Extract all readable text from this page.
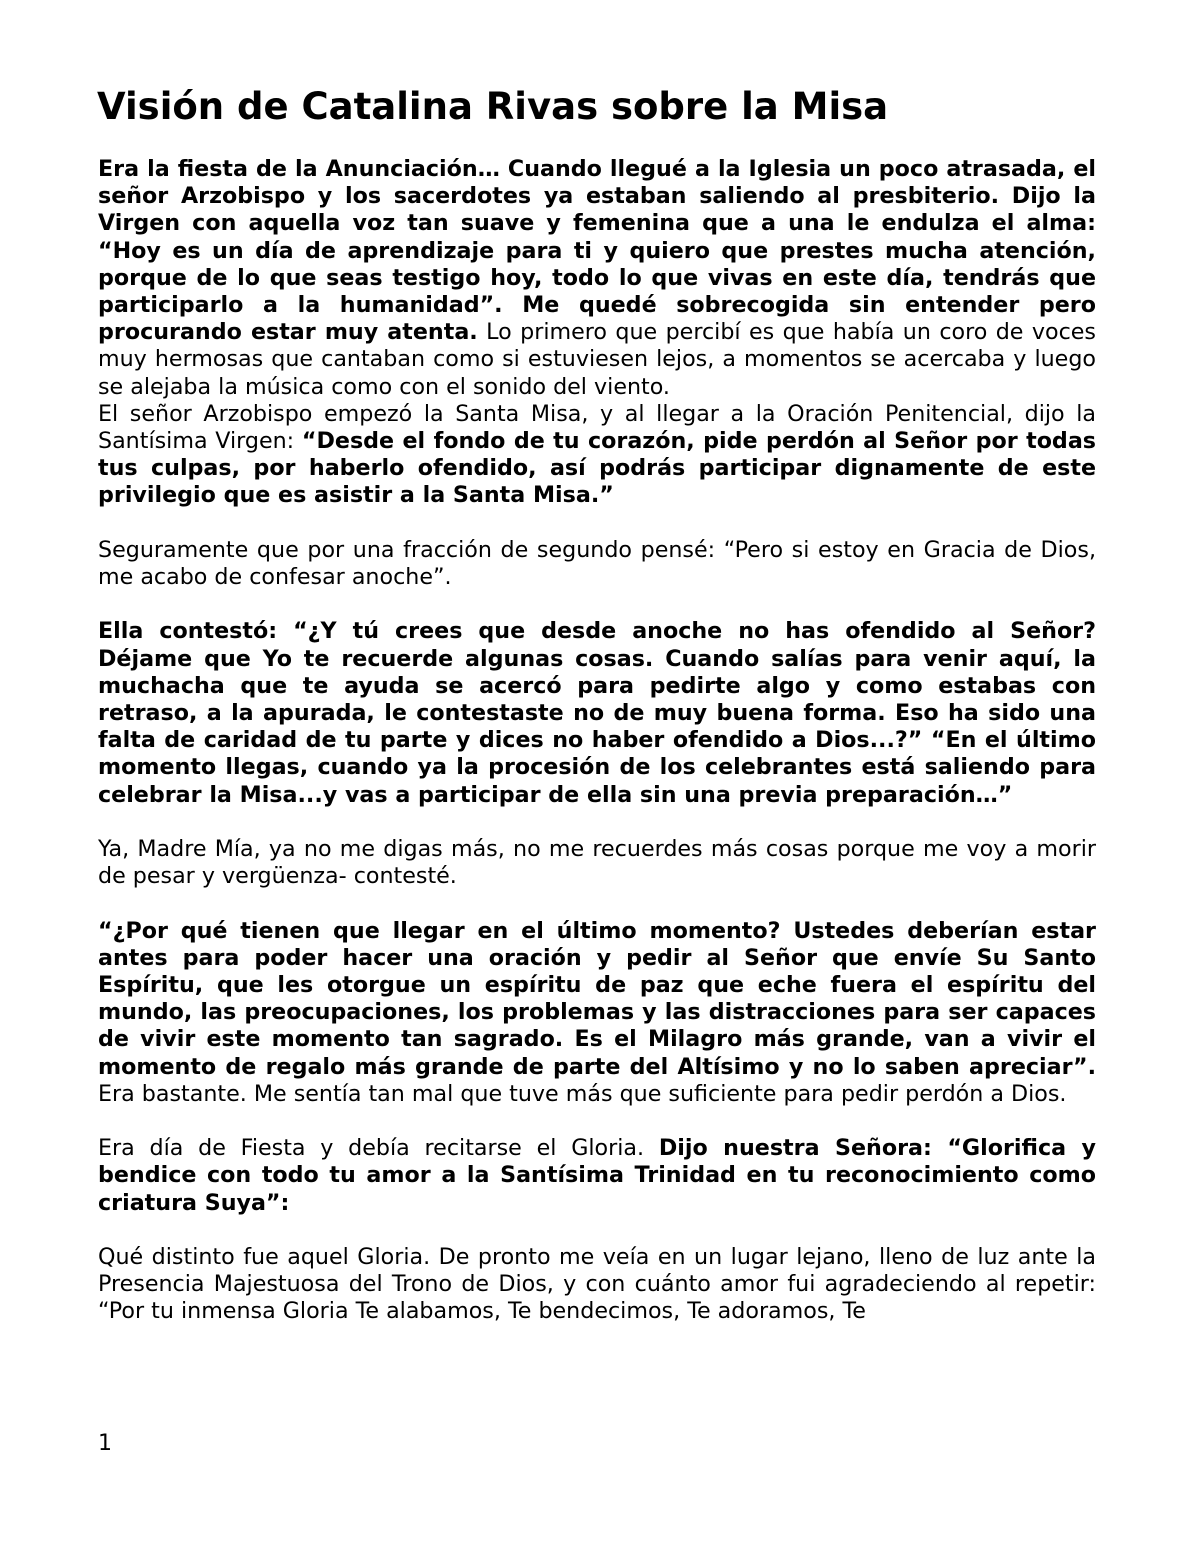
Visión de Catalina Rivas sobre la Misa

Era la fiesta de la Anunciación… Cuando llegué a la Iglesia un poco atrasada, el señor Arzobispo y los sacerdotes ya estaban saliendo al presbiterio. Dijo la Virgen con aquella voz tan suave y femenina que a una le endulza el alma: “Hoy es un día de aprendizaje para ti y quiero que prestes mucha atención, porque de lo que seas testigo hoy, todo lo que vivas en este día, tendrás que participarlo a la humanidad”. Me quedé sobrecogida sin entender pero procurando estar muy atenta. Lo primero que percibí es que había un coro de voces muy hermosas que cantaban como si estuviesen lejos, a momentos se acercaba y luego se alejaba la música como con el sonido del viento.

El señor Arzobispo empezó la Santa Misa, y al llegar a la Oración Penitencial, dijo la Santísima Virgen: “Desde el fondo de tu corazón, pide perdón al Señor por todas tus culpas, por haberlo ofendido, así podrás participar dignamente de este privilegio que es asistir a la Santa Misa.”

Seguramente que por una fracción de segundo pensé: “Pero si estoy en Gracia de Dios, me acabo de confesar anoche”.

Ella contestó: “¿Y tú crees que desde anoche no has ofendido al Señor? Déjame que Yo te recuerde algunas cosas. Cuando salías para venir aquí, la muchacha que te ayuda se acercó para pedirte algo y como estabas con retraso, a la apurada, le contestaste no de muy buena forma. Eso ha sido una falta de caridad de tu parte y dices no haber ofendido a Dios...?” “En el último momento llegas, cuando ya la procesión de los celebrantes está saliendo para celebrar la Misa...y vas a participar de ella sin una previa preparación…”

Ya, Madre Mía, ya no me digas más, no me recuerdes más cosas porque me voy a morir de pesar y vergüenza- contesté.

“¿Por qué tienen que llegar en el último momento? Ustedes deberían estar antes para poder hacer una oración y pedir al Señor que envíe Su Santo Espíritu, que les otorgue un espíritu de paz que eche fuera el espíritu del mundo, las preocupaciones, los problemas y las distracciones para ser capaces de vivir este momento tan sagrado. Es el Milagro más grande, van a vivir el momento de regalo más grande de parte del Altísimo y no lo saben apreciar”. Era bastante. Me sentía tan mal que tuve más que suficiente para pedir perdón a Dios.

Era día de Fiesta y debía recitarse el Gloria. Dijo nuestra Señora: “Glorifica y bendice con todo tu amor a la Santísima Trinidad en tu reconocimiento como criatura Suya”:

Qué distinto fue aquel Gloria. De pronto me veía en un lugar lejano, lleno de luz ante la Presencia Majestuosa del Trono de Dios, y con cuánto amor fui agradeciendo al repetir: “Por tu inmensa Gloria Te alabamos, Te bendecimos, Te adoramos, Te

1
